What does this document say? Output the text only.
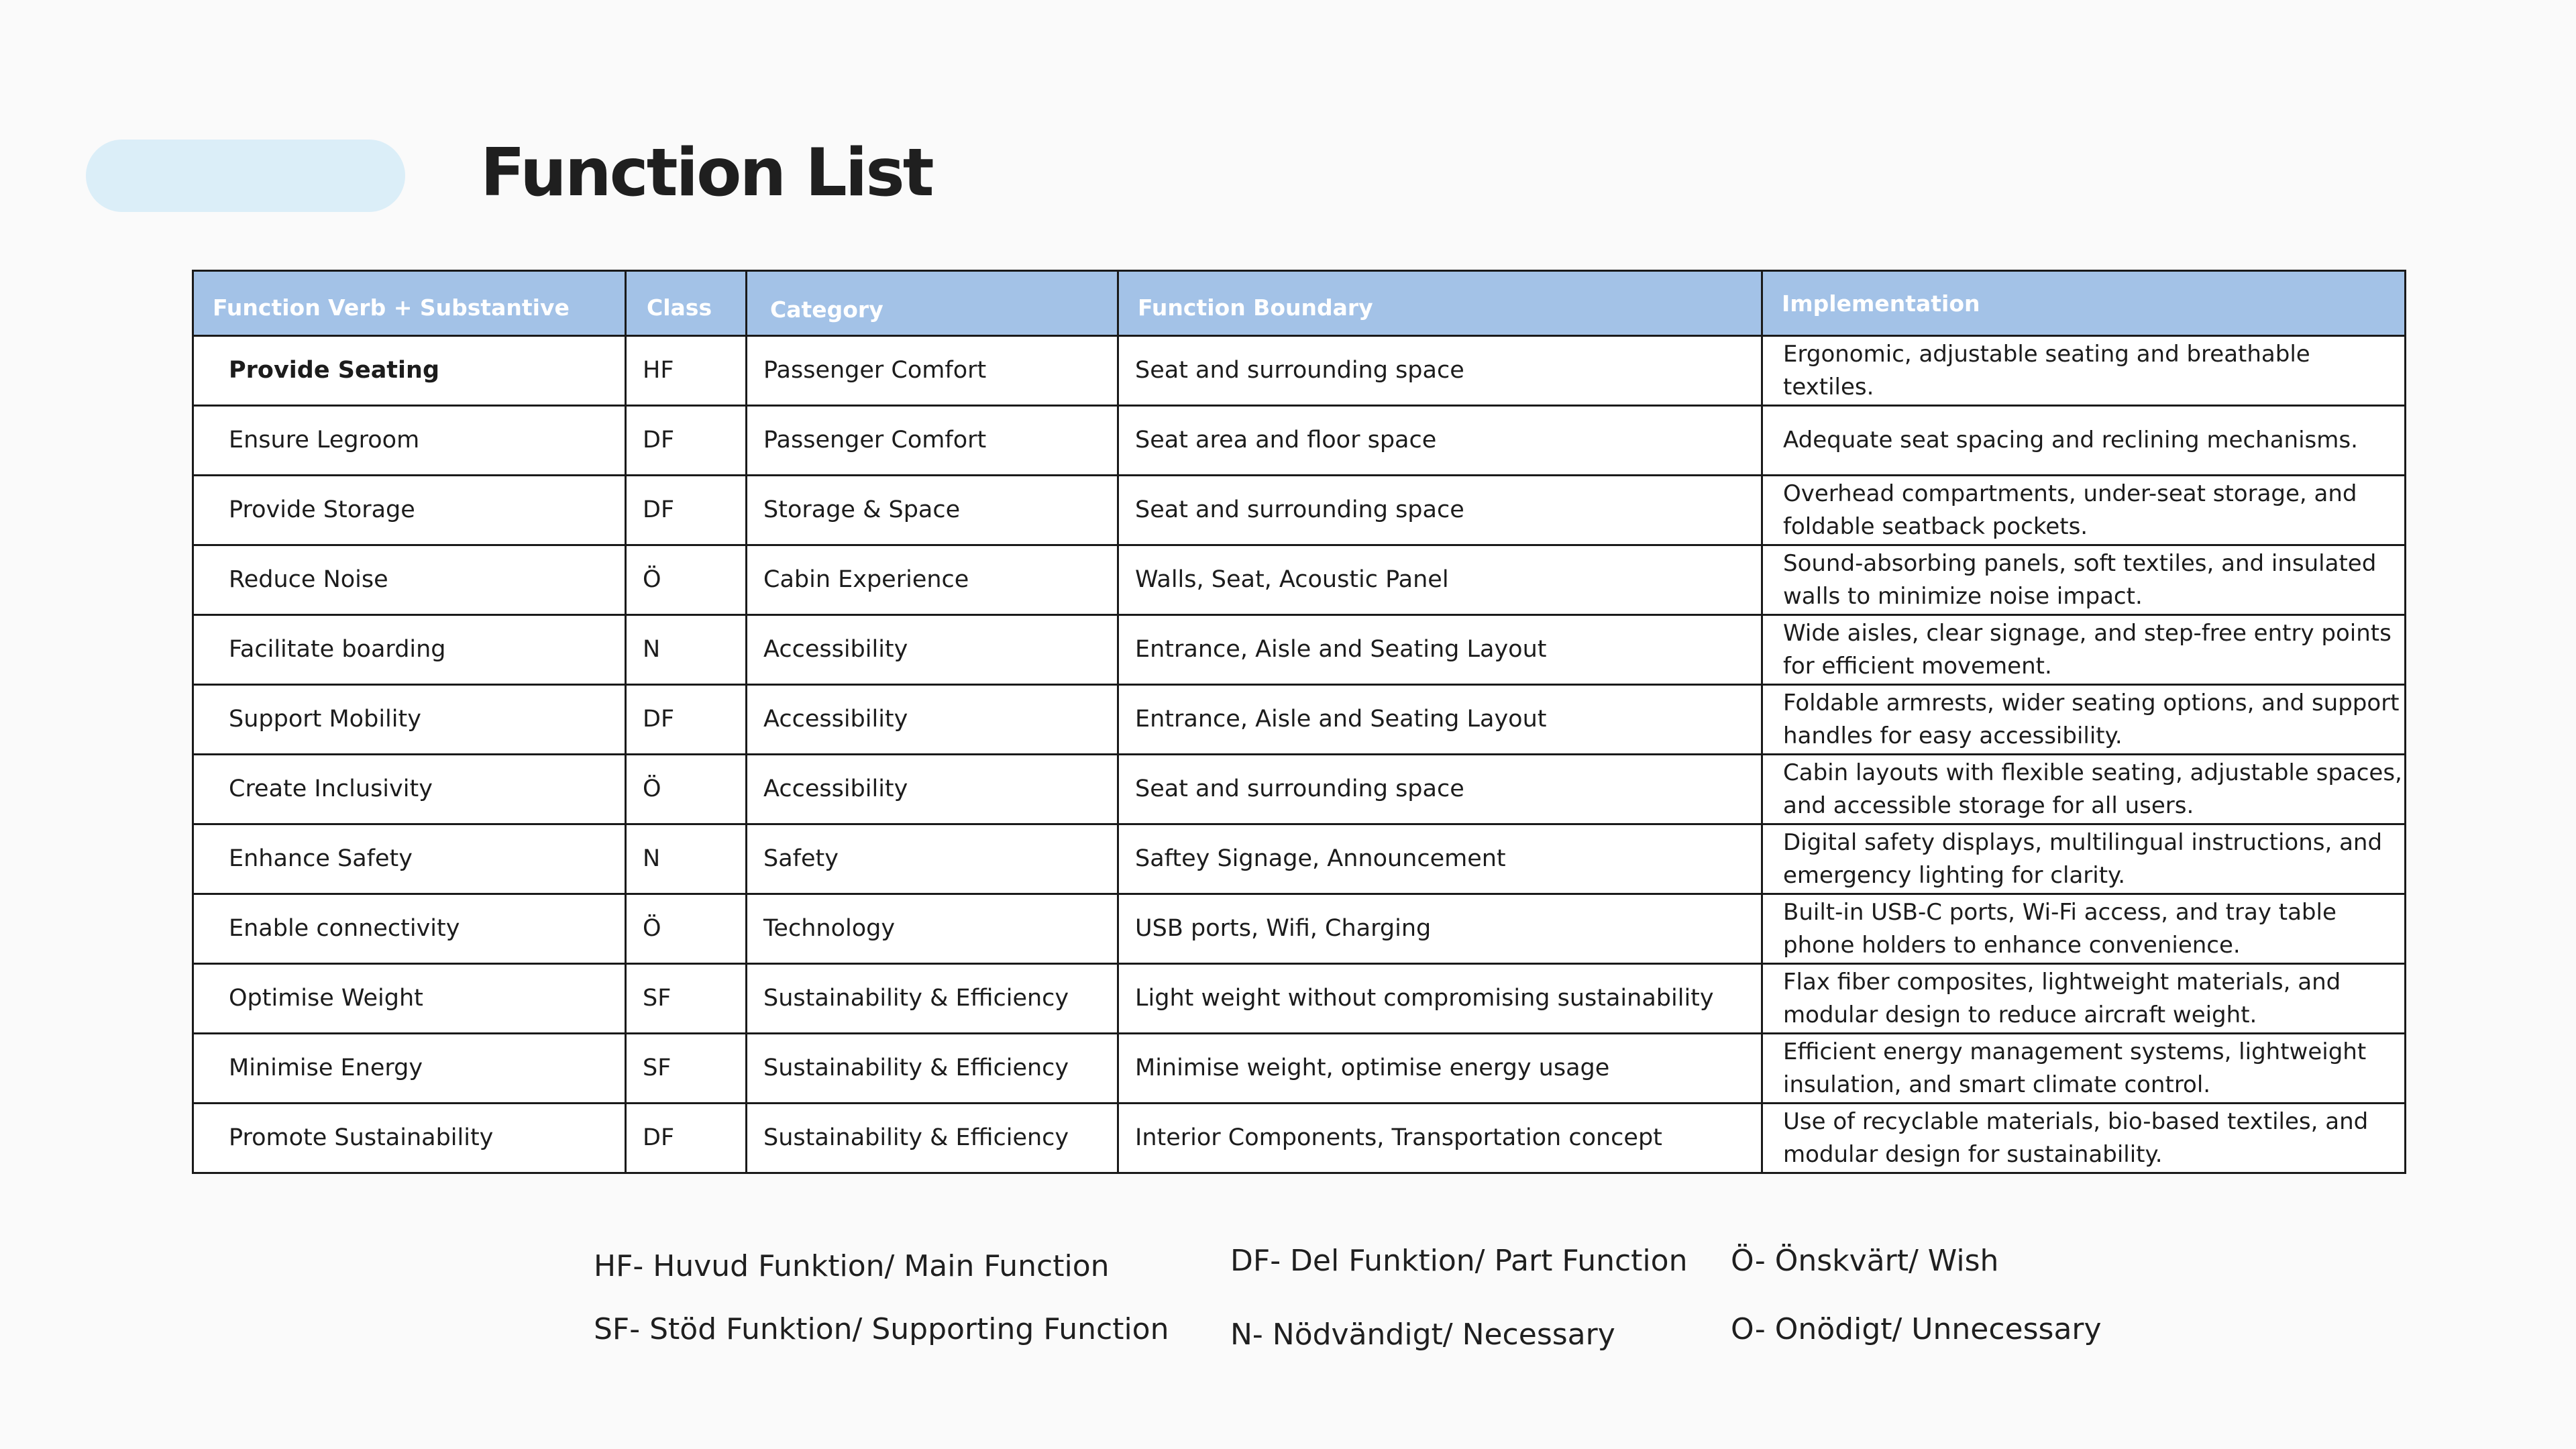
Function List
Function Verb + Substantive	Class	Category	Function Boundary	Implementation
Provide Seating	HF	Passenger Comfort	Seat and surrounding space	Ergonomic, adjustable seating and breathable textiles.
Ensure Legroom	DF	Passenger Comfort	Seat area and floor space	Adequate seat spacing and reclining mechanisms.
Provide Storage	DF	Storage & Space	Seat and surrounding space	Overhead compartments, under-seat storage, and foldable seatback pockets.
Reduce Noise	Ö	Cabin Experience	Walls, Seat, Acoustic Panel	Sound-absorbing panels, soft textiles, and insulated walls to minimize noise impact.
Facilitate boarding	N	Accessibility	Entrance, Aisle and Seating Layout	Wide aisles, clear signage, and step-free entry points for efficient movement.
Support Mobility	DF	Accessibility	Entrance, Aisle and Seating Layout	Foldable armrests, wider seating options, and support handles for easy accessibility.
Create Inclusivity	Ö	Accessibility	Seat and surrounding space	Cabin layouts with flexible seating, adjustable spaces, and accessible storage for all users.
Enhance Safety	N	Safety	Saftey Signage, Announcement	Digital safety displays, multilingual instructions, and emergency lighting for clarity.
Enable connectivity	Ö	Technology	USB ports, Wifi, Charging	Built-in USB-C ports, Wi-Fi access, and tray table phone holders to enhance convenience.
Optimise Weight	SF	Sustainability & Efficiency	Light weight without compromising sustainability	Flax fiber composites, lightweight materials, and modular design to reduce aircraft weight.
Minimise Energy	SF	Sustainability & Efficiency	Minimise weight, optimise energy usage	Efficient energy management systems, lightweight insulation, and smart climate control.
Promote Sustainability	DF	Sustainability & Efficiency	Interior Components, Transportation concept	Use of recyclable materials, bio-based textiles, and modular design for sustainability.
HF- Huvud Funktion/ Main Function	DF- Del Funktion/ Part Function Ö- Önskvärt/ Wish
SF- Stöd Funktion/ Supporting Function N- Nödvändigt/ Necessary	O- Onödigt/ Unnecessary
